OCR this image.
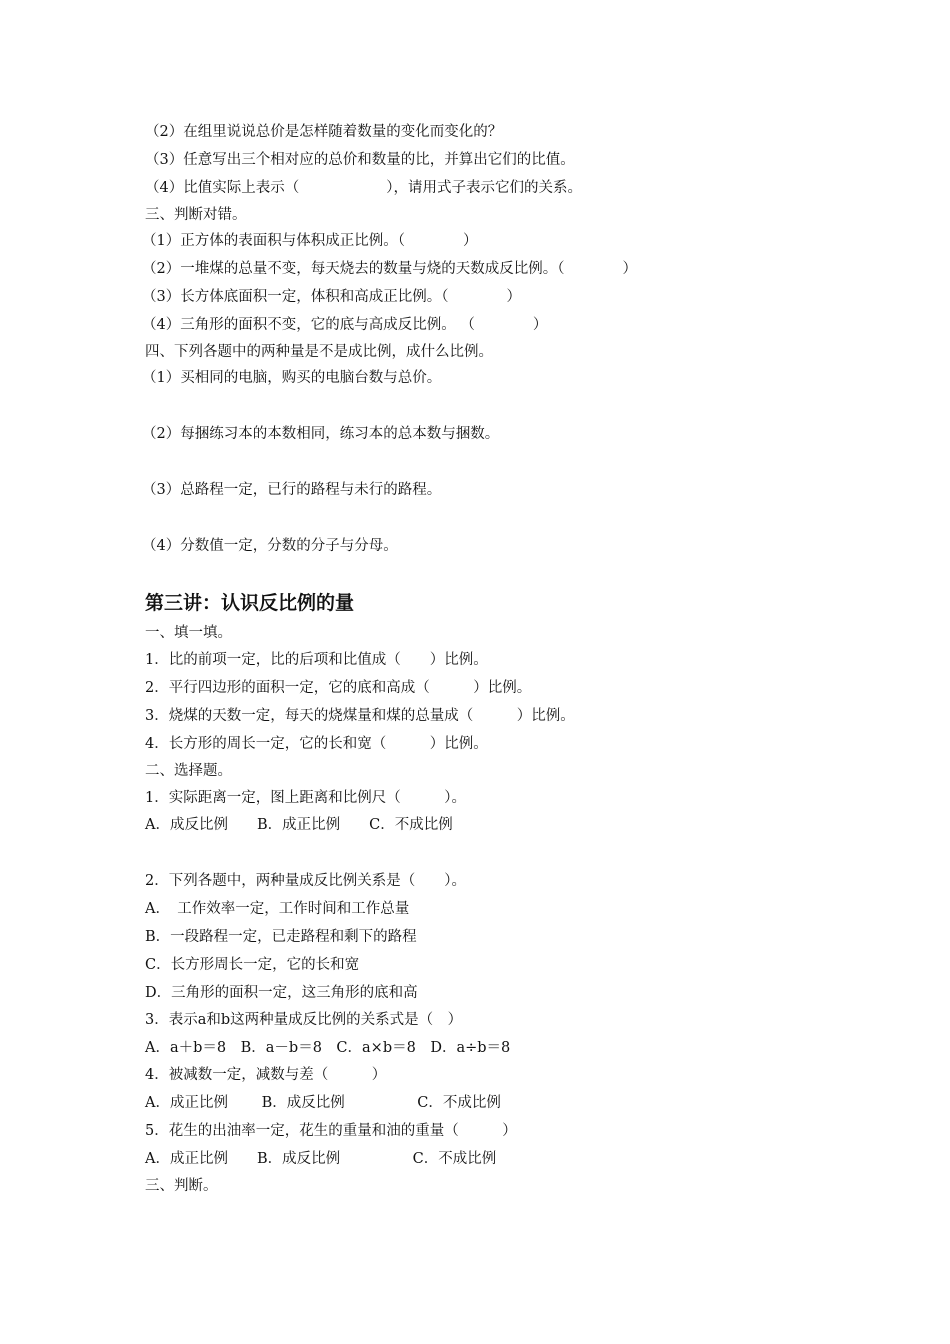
（2）在组里说说总价是怎样随着数量的变化而变化的？
（3）任意写出三个相对应的总价和数量的比，并算出它们的比值。
（4）比值实际上表示（　　　　　　），请用式子表示它们的关系。
三、判断对错。
（1）正方体的表面积与体积成正比例。（　　　　）
（2）一堆煤的总量不变，每天烧去的数量与烧的天数成反比例。（　　　　）
（3）长方体底面积一定，体积和高成正比例。（　　　　）
（4）三角形的面积不变，它的底与高成反比例。 （　　　　）
四、下列各题中的两种量是不是成比例，成什么比例。
（1）买相同的电脑，购买的电脑台数与总价。
（2）每捆练习本的本数相同，练习本的总本数与捆数。
（3）总路程一定，已行的路程与未行的路程。
（4）分数值一定，分数的分子与分母。
第三讲：认识反比例的量
一、填一填。
1．比的前项一定，比的后项和比值成（　　）比例。
2．平行四边形的面积一定，它的底和高成（　　　）比例。
3．烧煤的天数一定，每天的烧煤量和煤的总量成（　　　）比例。
4．长方形的周长一定，它的长和宽（　　　）比例。
二、选择题。
1．实际距离一定，图上距离和比例尺（　　　）。
A．成反比例　　B．成正比例　　C．不成比例
2．下列各题中，两种量成反比例关系是（　　）。
A．　工作效率一定，工作时间和工作总量
B．一段路程一定，已走路程和剩下的路程
C．长方形周长一定，它的长和宽
D．三角形的面积一定，这三角形的底和高
3．表示a和b这两种量成反比例的关系式是（　）
A．a＋b＝8　B．a－b＝8　C．a×b＝8　D．a÷b＝8
4．被减数一定，减数与差（　　　）
A．成正比例　　 B．成反比例　　　　　C．不成比例
5．花生的出油率一定，花生的重量和油的重量（　　　）
A．成正比例　　B．成反比例　　　　　C．不成比例
三、判断。
